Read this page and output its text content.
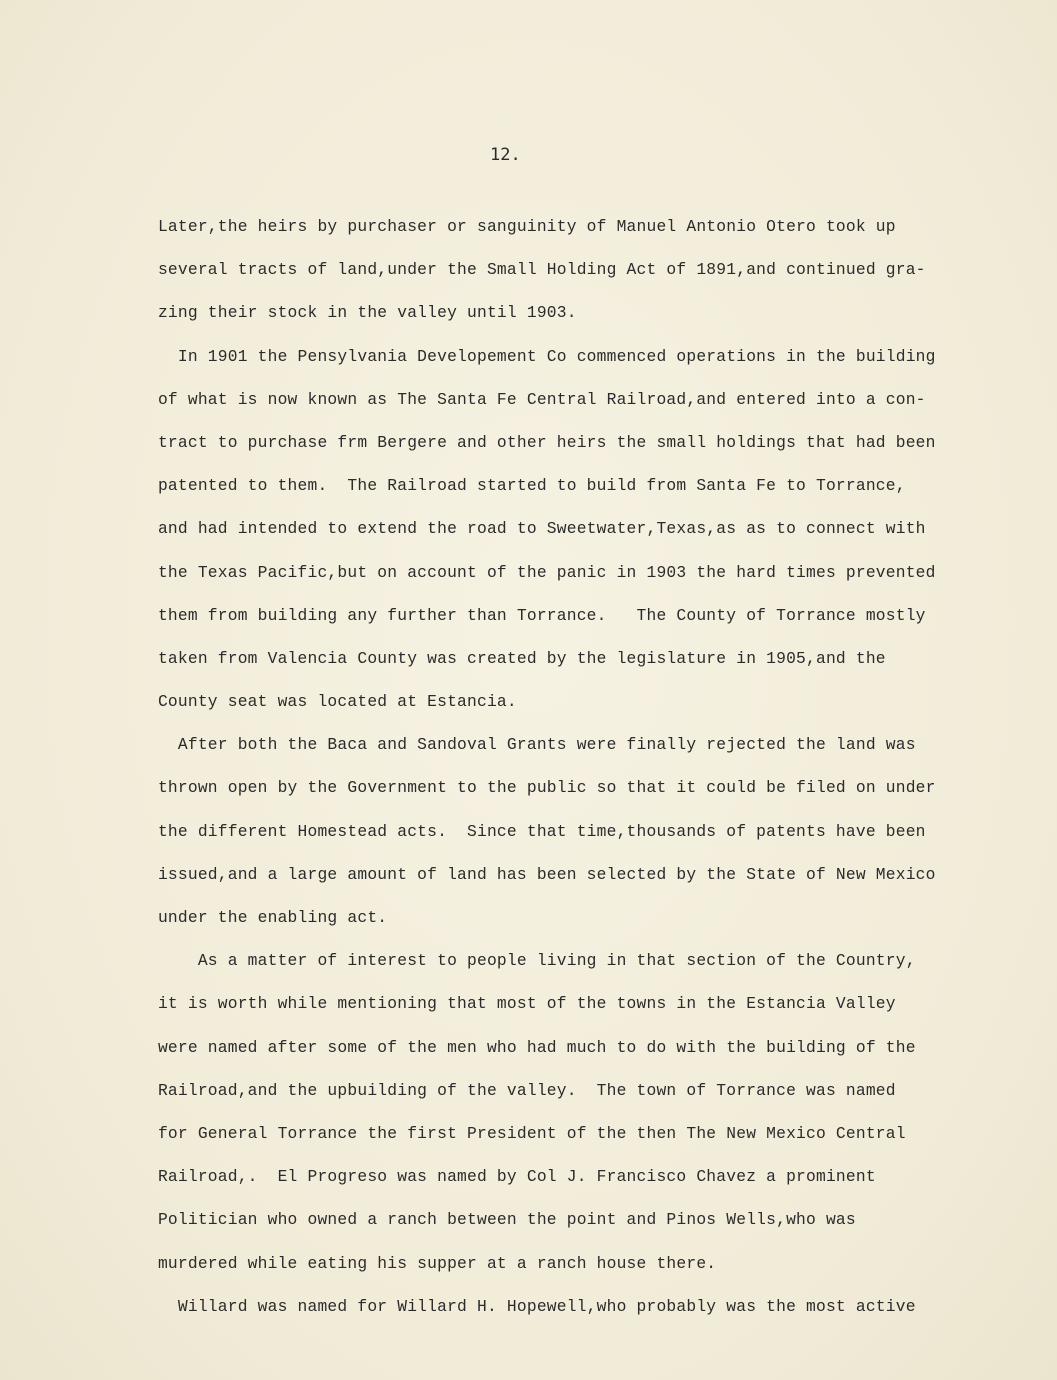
12.
Later,the heirs by purchaser or sanguinity of Manuel Antonio Otero took up
several tracts of land,under the Small Holding Act of 1891,and continued gra-
zing their stock in the valley until 1903.
In 1901 the Pensylvania Developement Co commenced operations in the building
of what is now known as The Santa Fe Central Railroad,and entered into a con-
tract to purchase frm Bergere and other heirs the small holdings that had been
patented to them.  The Railroad started to build from Santa Fe to Torrance,
and had intended to extend the road to Sweetwater,Texas,as as to connect with
the Texas Pacific,but on account of the panic in 1903 the hard times prevented
them from building any further than Torrance.   The County of Torrance mostly
taken from Valencia County was created by the legislature in 1905,and the
County seat was located at Estancia.
After both the Baca and Sandoval Grants were finally rejected the land was
thrown open by the Government to the public so that it could be filed on under
the different Homestead acts.  Since that time,thousands of patents have been
issued,and a large amount of land has been selected by the State of New Mexico
under the enabling act.
As a matter of interest to people living in that section of the Country,
it is worth while mentioning that most of the towns in the Estancia Valley
were named after some of the men who had much to do with the building of the
Railroad,and the upbuilding of the valley.  The town of Torrance was named
for General Torrance the first President of the then The New Mexico Central
Railroad,.  El Progreso was named by Col J. Francisco Chavez a prominent
Politician who owned a ranch between the point and Pinos Wells,who was
murdered while eating his supper at a ranch house there.
Willard was named for Willard H. Hopewell,who probably was the most active
